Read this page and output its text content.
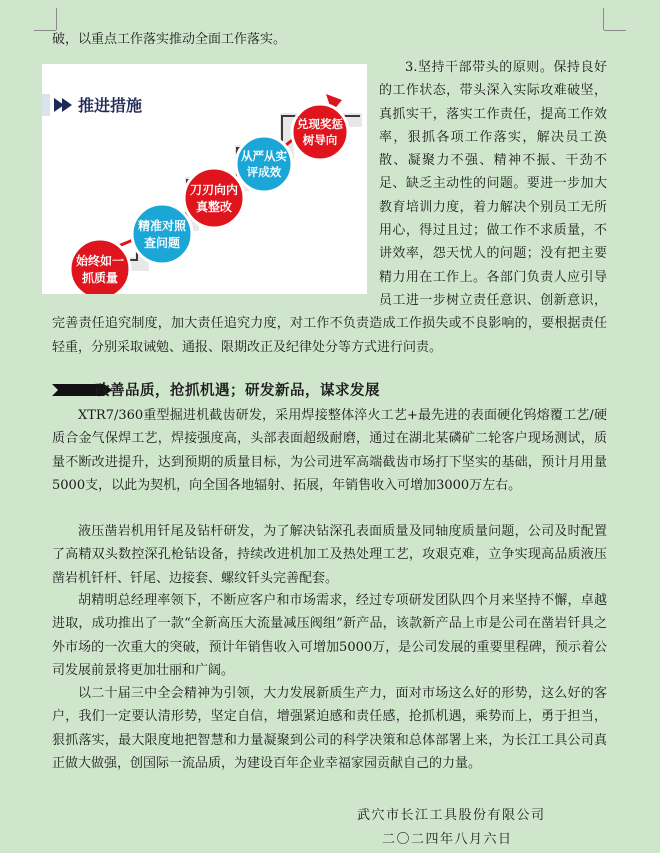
破，以重点工作落实推动全面工作落实。

推进措施
始终如一
抓质量
精准对照
查问题
刀刃向内
真整改
从严从实
评成效
兑现奖惩
树导向

3.坚持干部带头的原则。保持良好的工作状态，带头深入实际攻难破坚，真抓实干，落实工作责任，提高工作效率，狠抓各项工作落实，解决员工涣散、凝聚力不强、精神不振、干劲不足、缺乏主动性的问题。要进一步加大教育培训力度，着力解决个别员工无所用心，得过且过；做工作不求质量，不讲效率，怨天忧人的问题；没有把主要精力用在工作上。各部门负责人应引导员工进一步树立责任意识、创新意识，完善责任追究制度，加大责任追究力度，对工作不负责造成工作损失或不良影响的，要根据责任轻重，分别采取诫勉、通报、限期改正及纪律处分等方式进行问责。

改善品质，抢抓机遇；研发新品，谋求发展

XTR7/360重型掘进机截齿研发，采用焊接整体淬火工艺+最先进的表面硬化钨熔覆工艺/硬质合金气保焊工艺，焊接强度高，头部表面超级耐磨，通过在湖北某磷矿二轮客户现场测试，质量不断改进提升，达到预期的质量目标，为公司进军高端截齿市场打下坚实的基础，预计月用量5000支，以此为契机，向全国各地辐射、拓展，年销售收入可增加3000万左右。

液压凿岩机用钎尾及钻杆研发，为了解决钻深孔表面质量及同轴度质量问题，公司及时配置了高精双头数控深孔枪钻设备，持续改进机加工及热处理工艺，攻艰克难，立争实现高品质液压凿岩机钎杆、钎尾、边接套、螺纹钎头完善配套。

胡精明总经理率领下，不断应客户和市场需求，经过专项研发团队四个月来坚持不懈，卓越进取，成功推出了一款“全新高压大流量减压阀组”新产品，该款新产品上市是公司在凿岩钎具之外市场的一次重大的突破，预计年销售收入可增加5000万，是公司发展的重要里程碑，预示着公司发展前景将更加壮丽和广阔。

以二十届三中全会精神为引领，大力发展新质生产力，面对市场这么好的形势，这么好的客户，我们一定要认清形势，坚定自信，增强紧迫感和责任感，抢抓机遇，乘势而上，勇于担当，狠抓落实，最大限度地把智慧和力量凝聚到公司的科学决策和总体部署上来，为长江工具公司真正做大做强，创国际一流品质，为建设百年企业幸福家园贡献自己的力量。

武穴市长江工具股份有限公司
二〇二四年八月六日
